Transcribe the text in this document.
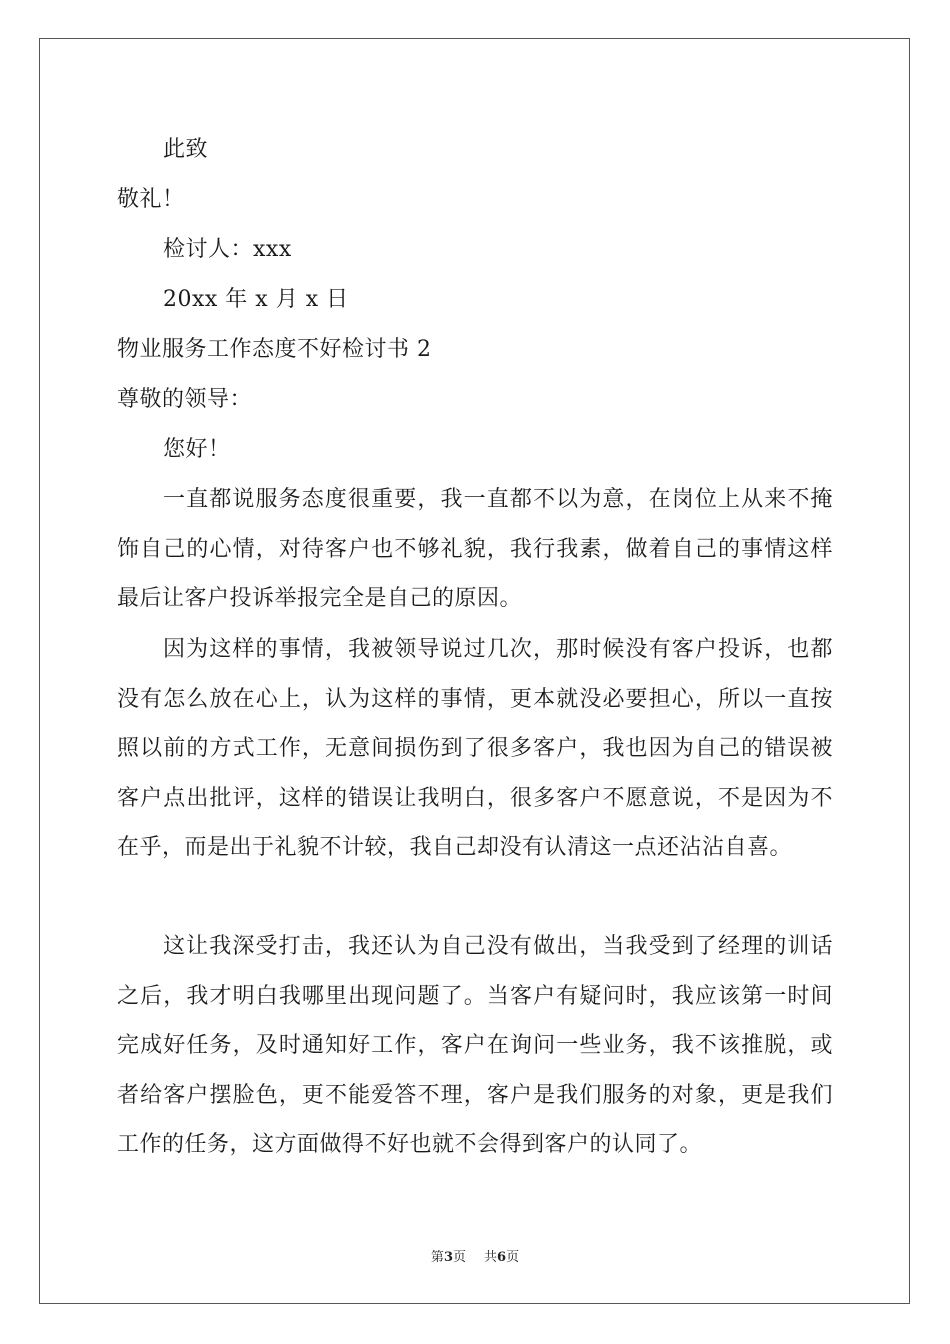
此致
敬礼！
检讨人：xxx
20xx 年 x 月 x 日
物业服务工作态度不好检讨书 2
尊敬的领导：
您好！
一直都说服务态度很重要，我一直都不以为意，在岗位上从来不掩饰自己的心情，对待客户也不够礼貌，我行我素，做着自己的事情这样最后让客户投诉举报完全是自己的原因。
因为这样的事情，我被领导说过几次，那时候没有客户投诉，也都没有怎么放在心上，认为这样的事情，更本就没必要担心，所以一直按照以前的方式工作，无意间损伤到了很多客户，我也因为自己的错误被客户点出批评，这样的错误让我明白，很多客户不愿意说，不是因为不在乎，而是出于礼貌不计较，我自己却没有认清这一点还沾沾自喜。
这让我深受打击，我还认为自己没有做出，当我受到了经理的训话之后，我才明白我哪里出现问题了。当客户有疑问时，我应该第一时间完成好任务，及时通知好工作，客户在询问一些业务，我不该推脱，或者给客户摆脸色，更不能爱答不理，客户是我们服务的对象，更是我们工作的任务，这方面做得不好也就不会得到客户的认同了。
第3页 共6页
